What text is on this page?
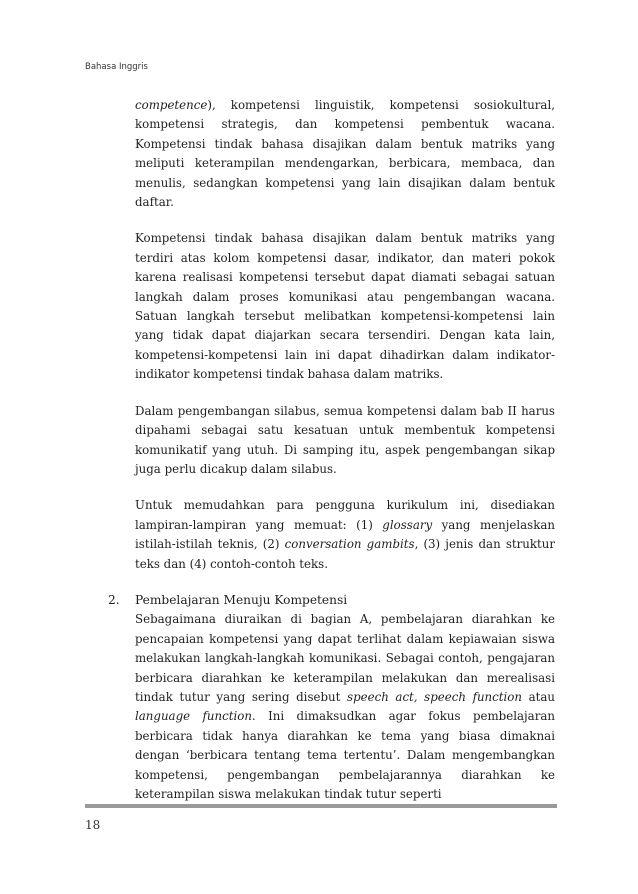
Bahasa Inggris

competence), kompetensi linguistik, kompetensi sosiokultural, kompetensi strategis, dan kompetensi pembentuk wacana. Kompetensi tindak bahasa disajikan dalam bentuk matriks yang meliputi keterampilan mendengarkan, berbicara, membaca, dan menulis, sedangkan kompetensi yang lain disajikan dalam bentuk daftar.

Kompetensi tindak bahasa disajikan dalam bentuk matriks yang terdiri atas kolom kompetensi dasar, indikator, dan materi pokok karena realisasi kompetensi tersebut dapat diamati sebagai satuan langkah dalam proses komunikasi atau pengembangan wacana. Satuan langkah tersebut melibatkan kompetensi-kompetensi lain yang tidak dapat diajarkan secara tersendiri. Dengan kata lain, kompetensi-kompetensi lain ini dapat dihadirkan dalam indikator-indikator kompetensi tindak bahasa dalam matriks.

Dalam pengembangan silabus, semua kompetensi dalam bab II harus dipahami sebagai satu kesatuan untuk membentuk kompetensi komunikatif yang utuh. Di samping itu, aspek pengembangan sikap juga perlu dicakup dalam silabus.

Untuk memudahkan para pengguna kurikulum ini, disediakan lampiran-lampiran yang memuat: (1) glossary yang menjelaskan istilah-istilah teknis, (2) conversation gambits, (3) jenis dan struktur teks dan (4) contoh-contoh teks.

2. Pembelajaran Menuju Kompetensi

Sebagaimana diuraikan di bagian A, pembelajaran diarahkan ke pencapaian kompetensi yang dapat terlihat dalam kepiawaian siswa melakukan langkah-langkah komunikasi. Sebagai contoh, pengajaran berbicara diarahkan ke keterampilan melakukan dan merealisasi tindak tutur yang sering disebut speech act, speech function atau language function. Ini dimaksudkan agar fokus pembelajaran berbicara tidak hanya diarahkan ke tema yang biasa dimaknai dengan ‘berbicara tentang tema tertentu’. Dalam mengembangkan kompetensi, pengembangan pembelajarannya diarahkan ke keterampilan siswa melakukan tindak tutur seperti

18
